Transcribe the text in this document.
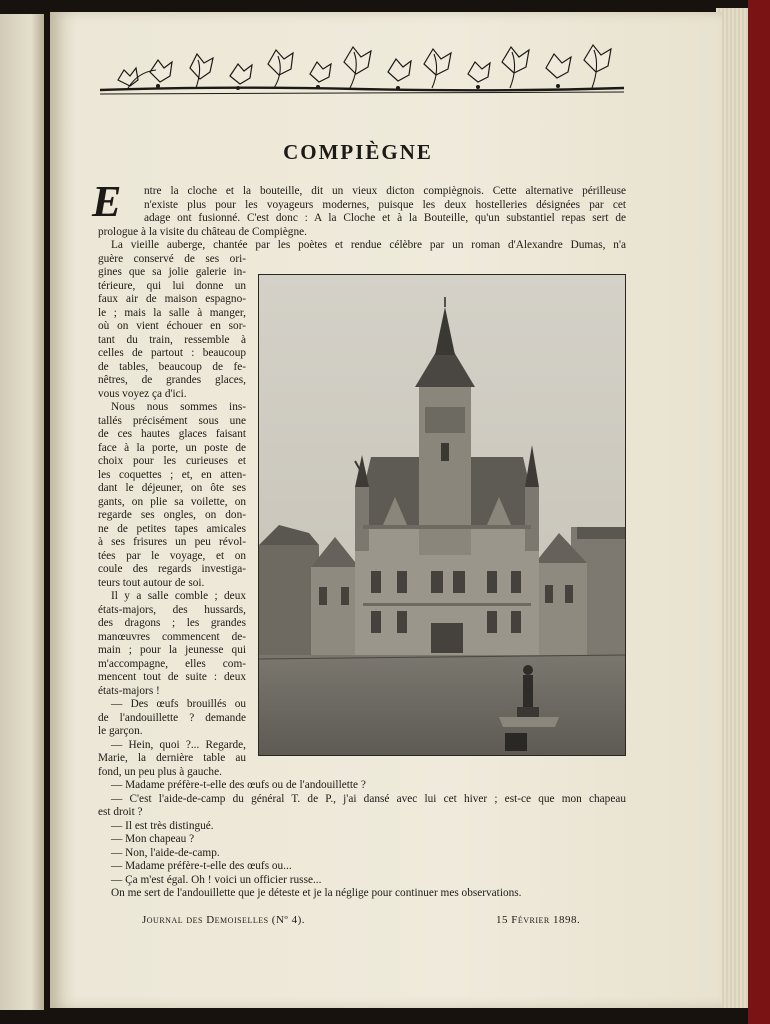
COMPIÈGNE
E ntre la cloche et la bouteille, dit un vieux dicton compiègnois. Cette alternative périlleuse
n'existe plus pour les voyageurs modernes, puisque les deux hostelleries désignées par cet
adage ont fusionné. C'est donc : A la Cloche et à la Bouteille, qu'un substantiel repas sert de
prologue à la visite du château de Compiègne.
La vieille auberge, chantée par les poètes et rendue célèbre par un roman d'Alexandre Dumas, n'a
guère conservé de ses ori-
gines que sa jolie galerie in-
térieure, qui lui donne un
faux air de maison espagno-
le ; mais la salle à manger,
où on vient échouer en sor-
tant du train, ressemble à
celles de partout : beaucoup
de tables, beaucoup de fe-
nêtres, de grandes glaces,
vous voyez ça d'ici.
Nous nous sommes ins-
tallés précisément sous une
de ces hautes glaces faisant
face à la porte, un poste de
choix pour les curieuses et
les coquettes ; et, en atten-
dant le déjeuner, on ôte ses
gants, on plie sa voilette, on
regarde ses ongles, on don-
ne de petites tapes amicales
à ses frisures un peu révol-
tées par le voyage, et on
coule des regards investiga-
teurs tout autour de soi.
Il y a salle comble ; deux
états-majors, des hussards,
des dragons ; les grandes
manœuvres commencent de-
main ; pour la jeunesse qui
m'accompagne, elles com-
mencent tout de suite : deux
états-majors !
— Des œufs brouillés ou
de l'andouillette ? demande
le garçon.
— Hein, quoi ?... Regarde,
Marie, la dernière table au
fond, un peu plus à gauche.
— Madame préfère-t-elle des œufs ou de l'andouillette ?
— C'est l'aide-de-camp du général T. de P., j'ai dansé avec lui cet hiver ; est-ce que mon chapeau
est droit ?
— Il est très distingué.
— Mon chapeau ?
— Non, l'aide-de-camp.
— Madame préfère-t-elle des œufs ou...
— Ça m'est égal. Oh ! voici un officier russe...
On me sert de l'andouillette que je déteste et je la néglige pour continuer mes observations.
Journal des Demoiselles (Nº 4).	15 Février 1898.
